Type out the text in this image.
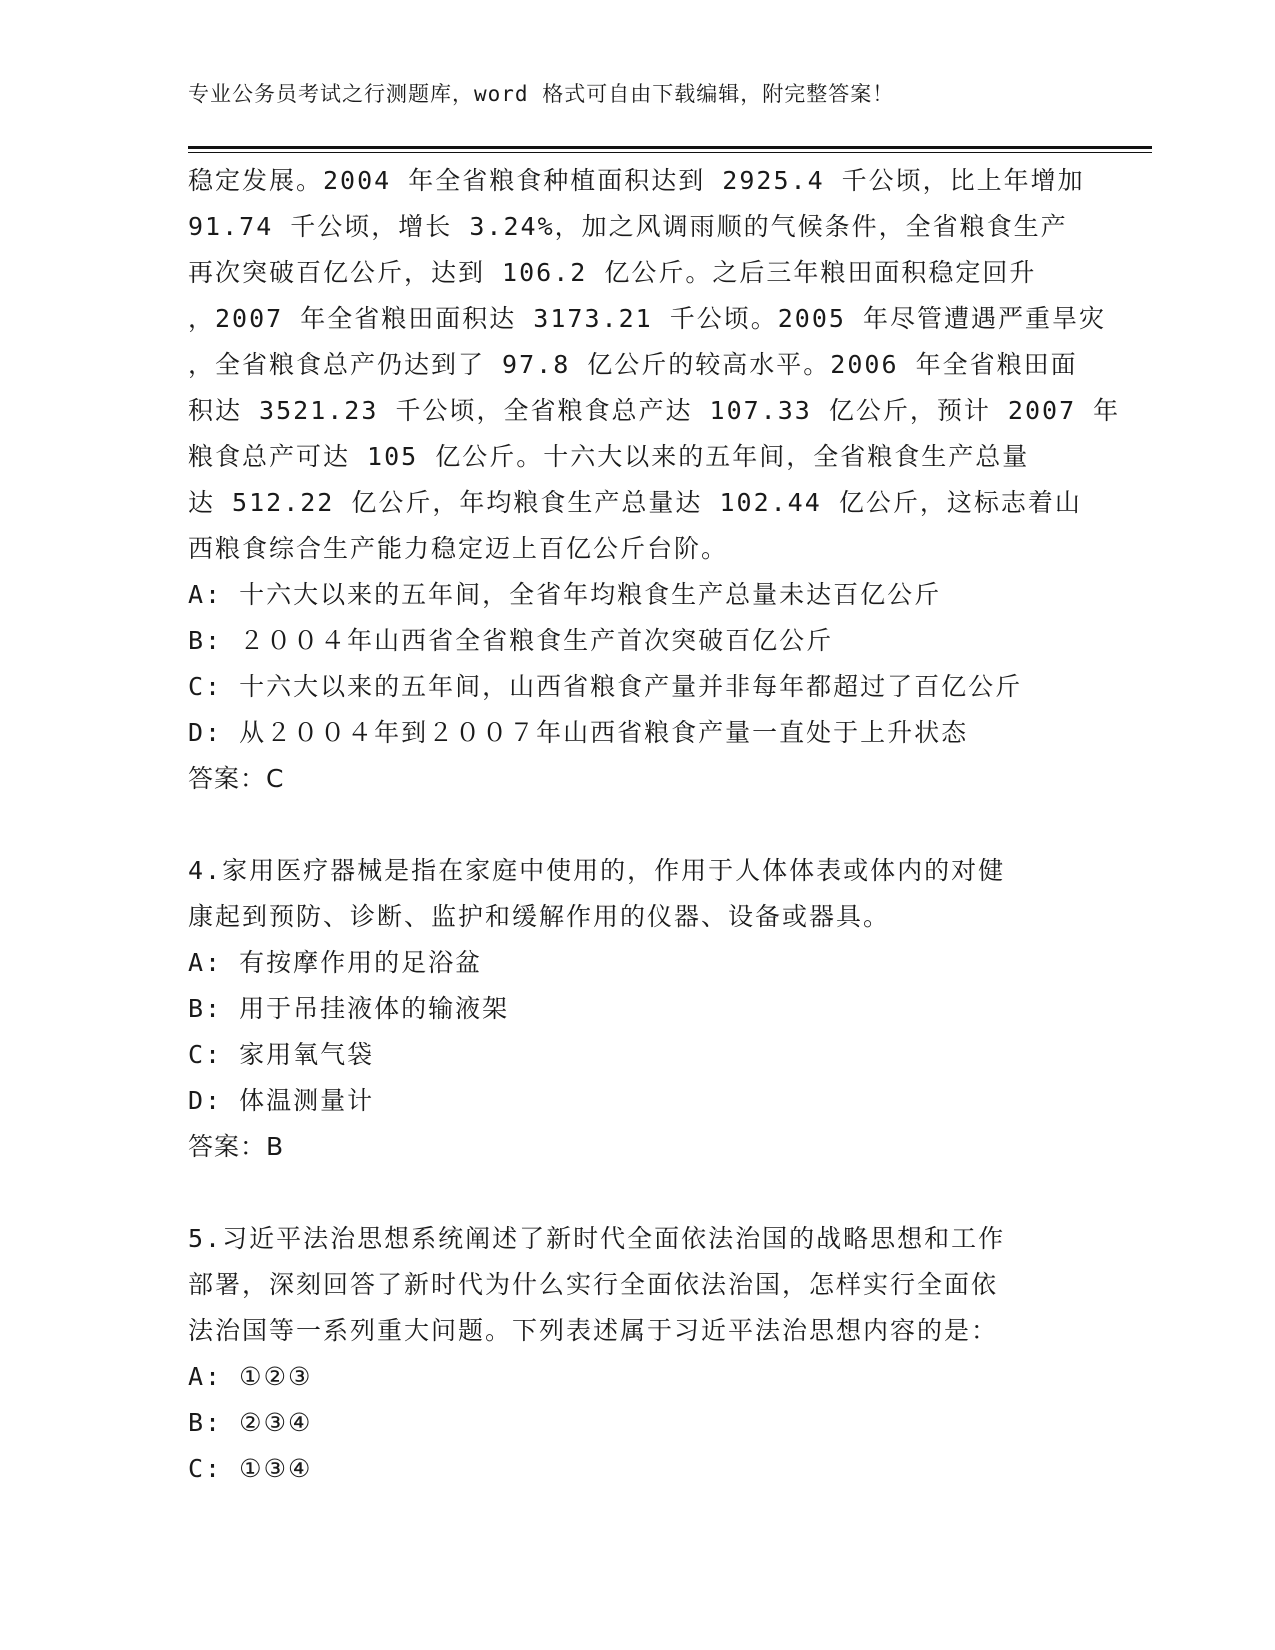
专业公务员考试之行测题库，word 格式可自由下载编辑，附完整答案！
稳定发展。2004 年全省粮食种植面积达到 2925.4 千公顷，比上年增加
91.74 千公顷，增长 3.24%，加之风调雨顺的气候条件，全省粮食生产
再次突破百亿公斤，达到 106.2 亿公斤。之后三年粮田面积稳定回升
，2007 年全省粮田面积达 3173.21 千公顷。2005 年尽管遭遇严重旱灾
，全省粮食总产仍达到了 97.8 亿公斤的较高水平。2006 年全省粮田面
积达 3521.23 千公顷，全省粮食总产达 107.33 亿公斤，预计 2007 年
粮食总产可达 105 亿公斤。十六大以来的五年间，全省粮食生产总量
达 512.22 亿公斤，年均粮食生产总量达 102.44 亿公斤，这标志着山
西粮食综合生产能力稳定迈上百亿公斤台阶。
A: 十六大以来的五年间，全省年均粮食生产总量未达百亿公斤
B: ２００４年山西省全省粮食生产首次突破百亿公斤
C: 十六大以来的五年间，山西省粮食产量并非每年都超过了百亿公斤
D: 从２００４年到２００７年山西省粮食产量一直处于上升状态
答案：C
4.家用医疗器械是指在家庭中使用的，作用于人体体表或体内的对健
康起到预防、诊断、监护和缓解作用的仪器、设备或器具。
A: 有按摩作用的足浴盆
B: 用于吊挂液体的输液架
C: 家用氧气袋
D: 体温测量计
答案：B
5.习近平法治思想系统阐述了新时代全面依法治国的战略思想和工作
部署，深刻回答了新时代为什么实行全面依法治国，怎样实行全面依
法治国等一系列重大问题。下列表述属于习近平法治思想内容的是：
A: ①②③
B: ②③④
C: ①③④
